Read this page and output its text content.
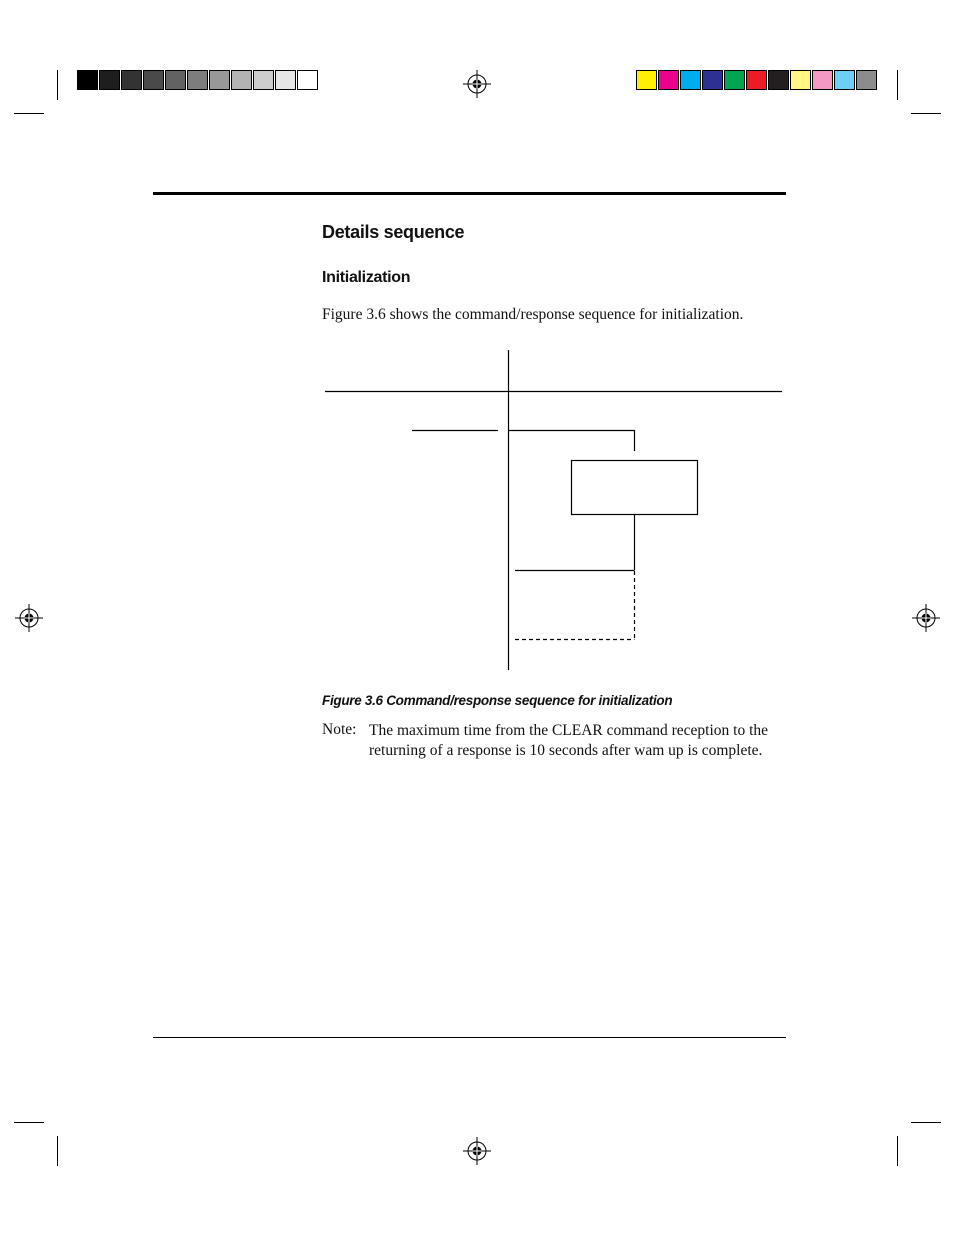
Details sequence
Initialization
Figure 3.6 shows the command/response sequence for initialization.
Figure 3.6 Command/response sequence for initialization
Note: The maximum time from the CLEAR command reception to the returning of a response is 10 seconds after wam up is complete.
